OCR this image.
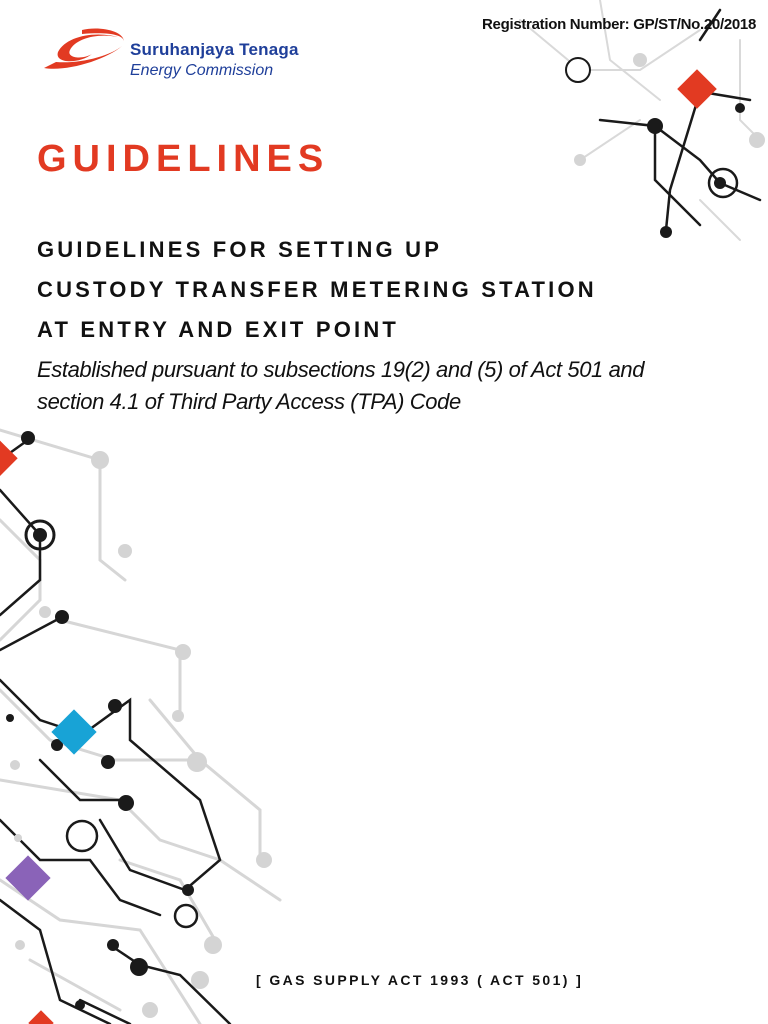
Suruhanjaya Tenaga
Energy Commission
Registration Number: GP/ST/No.20/2018
GUIDELINES
GUIDELINES FOR SETTING UP
CUSTODY TRANSFER METERING STATION
AT ENTRY AND EXIT POINT
Established pursuant to subsections 19(2) and (5) of Act 501 and
section 4.1 of Third Party Access (TPA) Code
[ GAS SUPPLY ACT 1993 ( ACT 501) ]
